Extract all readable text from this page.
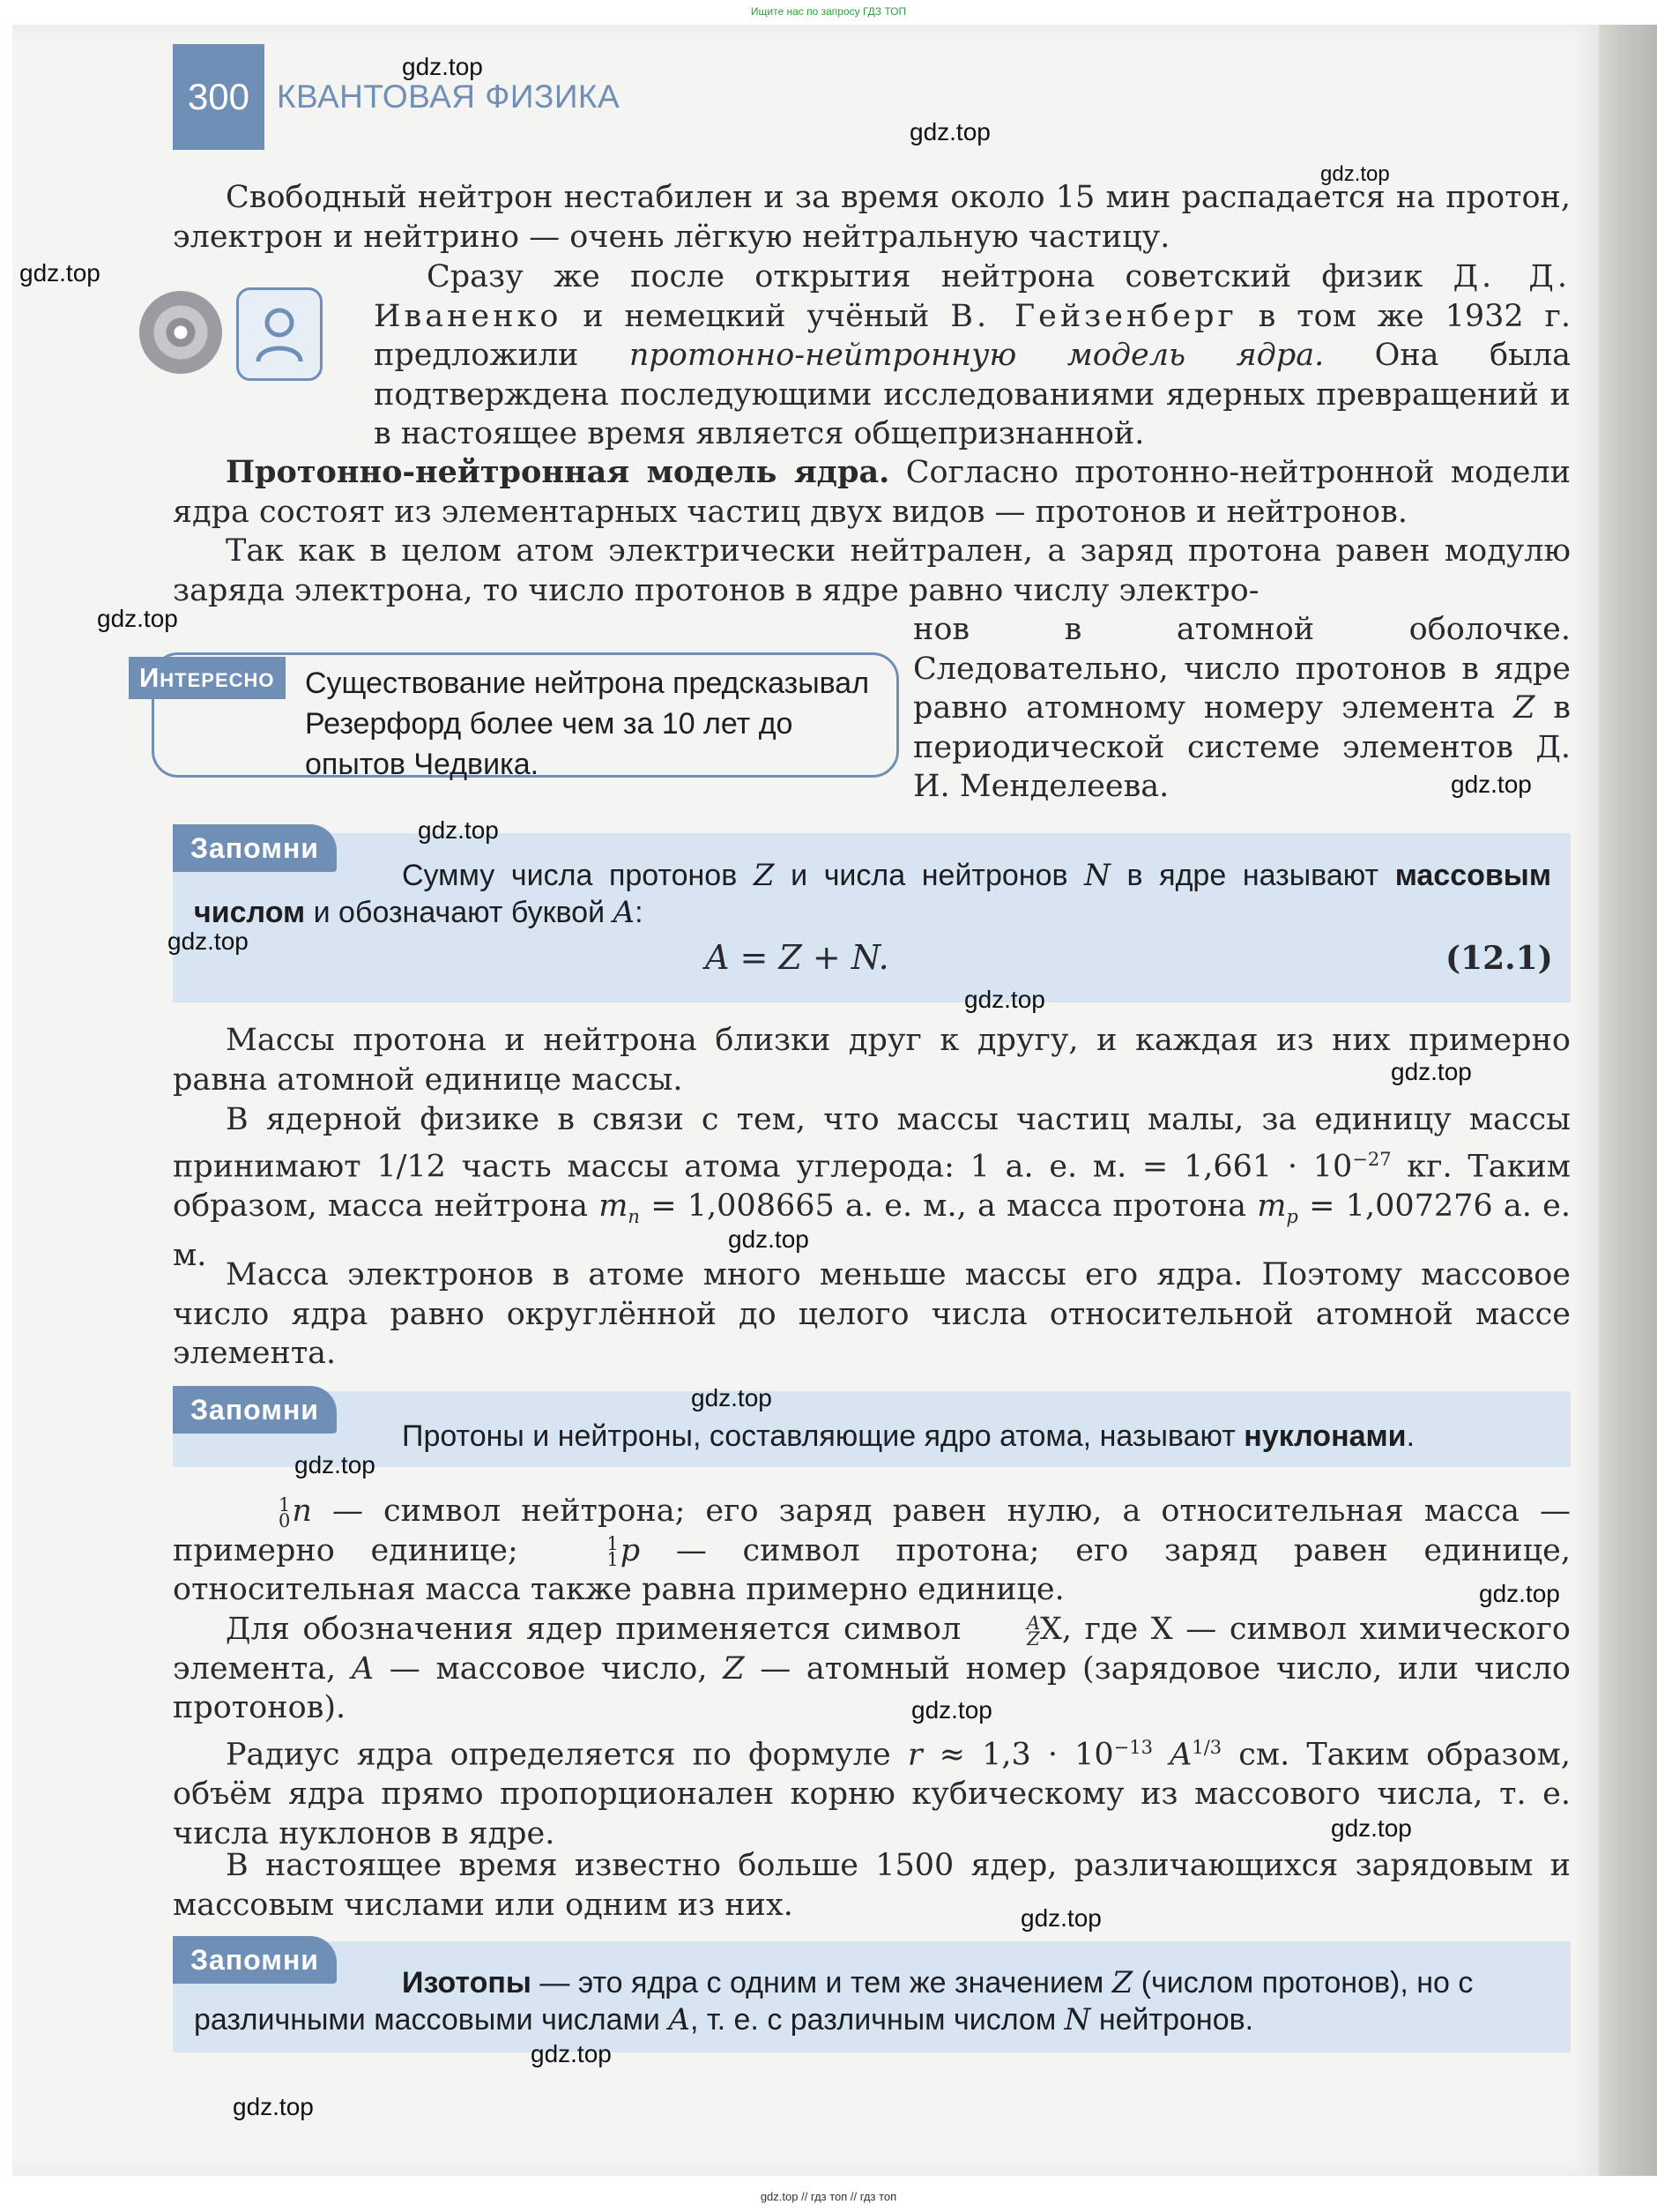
Ищите нас по запросу ГДЗ ТОП
300 КВАНТОВАЯ ФИЗИКА

Свободный нейтрон нестабилен и за время около 15 мин распадается на протон, электрон и нейтрино — очень лёгкую нейтральную частицу.

Сразу же после открытия нейтрона советский физик Д. Д. Иваненко и немецкий учёный В. Гейзенберг в том же 1932 г. предложили протонно-нейтронную модель ядра. Она была подтверждена последующими исследованиями ядерных превращений и в настоящее время является общепризнанной.

Протонно-нейтронная модель ядра. Согласно протонно-нейтронной модели ядра состоят из элементарных частиц двух видов — протонов и нейтронов.

Так как в целом атом электрически нейтрален, а заряд протона равен модулю заряда электрона, то число протонов в ядре равно числу электро-

нов в атомной оболочке. Следовательно, число протонов в ядре равно атомному номеру элемента Z в периодической системе элементов Д. И. Менделеева.

Интересно	Существование нейтрона предсказывал Резерфорд более чем за 10 лет до опытов Чедвика.
Запомни
Сумму числа протонов Z и числа нейтронов N в ядре называют массовым числом и обозначают буквой A:
A = Z + N.	(12.1)

Массы протона и нейтрона близки друг к другу, и каждая из них примерно равна атомной единице массы.

В ядерной физике в связи с тем, что массы частиц малы, за единицу массы принимают 1/12 часть массы атома углерода: 1 а. е. м. = $1,661 \cdot 10^{-27}$ кг. Таким образом, масса нейтрона $m_n = 1,008665$ а. е. м., а масса протона $m_p = 1,007276$ а. е. м.

Масса электронов в атоме много меньше массы его ядра. Поэтому массовое число ядра равно округлённой до целого числа относительной атомной массе элемента.

Запомни
Протоны и нейтроны, составляющие ядро атома, называют нуклонами.

1
0 n — символ нейтрона; его заряд равен нулю, а относительная масса — примерно единице;	1
1 p — символ протона; его заряд равен единице, относительная масса также равна примерно единице.

Для обозначения ядер применяется символ	A
Z X, где X — символ химического элемента, A — массовое число, Z — атомный номер (зарядовое число, или число протонов).

Радиус ядра определяется по формуле $r \approx 1,3 \cdot 10^{-13}$ $A^{1/3}$ см. Таким образом, объём ядра прямо пропорционален корню кубическому из массового числа, т. е. числа нуклонов в ядре.

В настоящее время известно больше 1500 ядер, различающихся зарядовым и массовым числами или одним из них.

Запомни
Изотопы — это ядра с одним и тем же значением Z (числом протонов), но с различными массовыми числами A, т. е. с различным числом N нейтронов.
gdz.top
gdz.top
gdz.top
gdz.top
gdz.top
gdz.top
gdz.top
gdz.top
gdz.top
gdz.top
gdz.top
gdz.top
gdz.top
gdz.top
gdz.top
gdz.top
gdz.top
gdz.top
gdz.top
gdz.top // гдз топ // гдз топ
